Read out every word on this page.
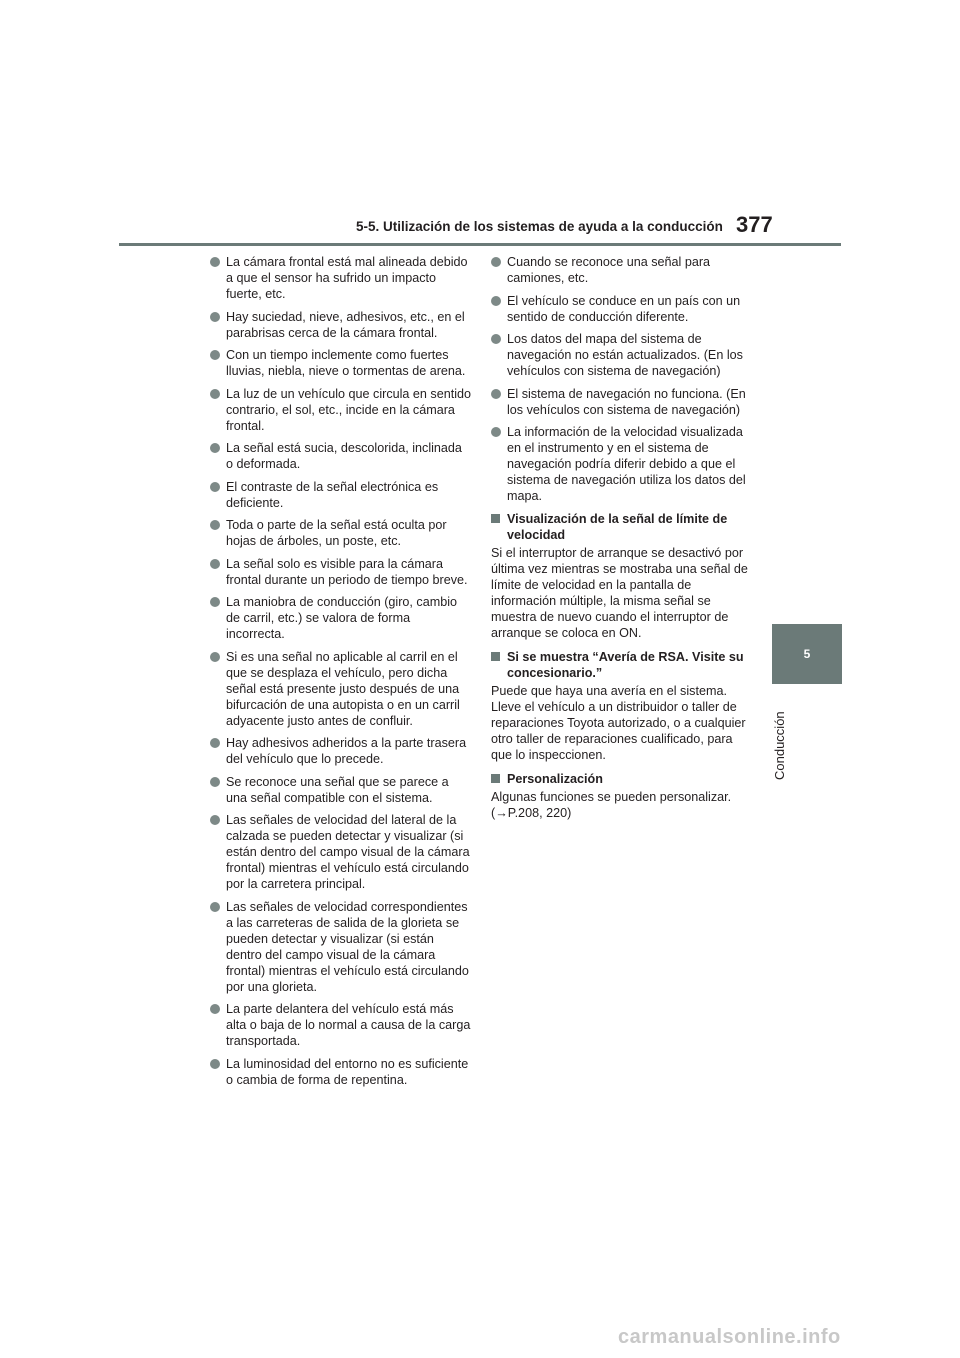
5-5. Utilización de los sistemas de ayuda a la conducción 377
5
Conducción
La cámara frontal está mal alineada debido a que el sensor ha sufrido un impacto fuerte, etc.
Hay suciedad, nieve, adhesivos, etc., en el parabrisas cerca de la cámara frontal.
Con un tiempo inclemente como fuertes lluvias, niebla, nieve o tormentas de arena.
La luz de un vehículo que circula en sentido contrario, el sol, etc., incide en la cámara frontal.
La señal está sucia, descolorida, inclinada o deformada.
El contraste de la señal electrónica es deficiente.
Toda o parte de la señal está oculta por hojas de árboles, un poste, etc.
La señal solo es visible para la cámara frontal durante un periodo de tiempo breve.
La maniobra de conducción (giro, cambio de carril, etc.) se valora de forma incorrecta.
Si es una señal no aplicable al carril en el que se desplaza el vehículo, pero dicha señal está presente justo después de una bifurcación de una autopista o en un carril adyacente justo antes de confluir.
Hay adhesivos adheridos a la parte trasera del vehículo que lo precede.
Se reconoce una señal que se parece a una señal compatible con el sistema.
Las señales de velocidad del lateral de la calzada se pueden detectar y visualizar (si están dentro del campo visual de la cámara frontal) mientras el vehículo está circulando por la carretera principal.
Las señales de velocidad correspondientes a las carreteras de salida de la glorieta se pueden detectar y visualizar (si están dentro del campo visual de la cámara frontal) mientras el vehículo está circulando por una glorieta.
La parte delantera del vehículo está más alta o baja de lo normal a causa de la carga transportada.
La luminosidad del entorno no es suficiente o cambia de forma de repentina.
Cuando se reconoce una señal para camiones, etc.
El vehículo se conduce en un país con un sentido de conducción diferente.
Los datos del mapa del sistema de navegación no están actualizados. (En los vehículos con sistema de navegación)
El sistema de navegación no funciona. (En los vehículos con sistema de navegación)
La información de la velocidad visualizada en el instrumento y en el sistema de navegación podría diferir debido a que el sistema de navegación utiliza los datos del mapa.
Visualización de la señal de límite de velocidad
Si el interruptor de arranque se desactivó por última vez mientras se mostraba una señal de límite de velocidad en la pantalla de información múltiple, la misma señal se muestra de nuevo cuando el interruptor de arranque se coloca en ON.
Si se muestra “Avería de RSA. Visite su concesionario.”
Puede que haya una avería en el sistema. Lleve el vehículo a un distribuidor o taller de reparaciones Toyota autorizado, o a cualquier otro taller de reparaciones cualificado, para que lo inspeccionen.
Personalización
Algunas funciones se pueden personalizar. (→P.208, 220)
carmanualsonline.info
